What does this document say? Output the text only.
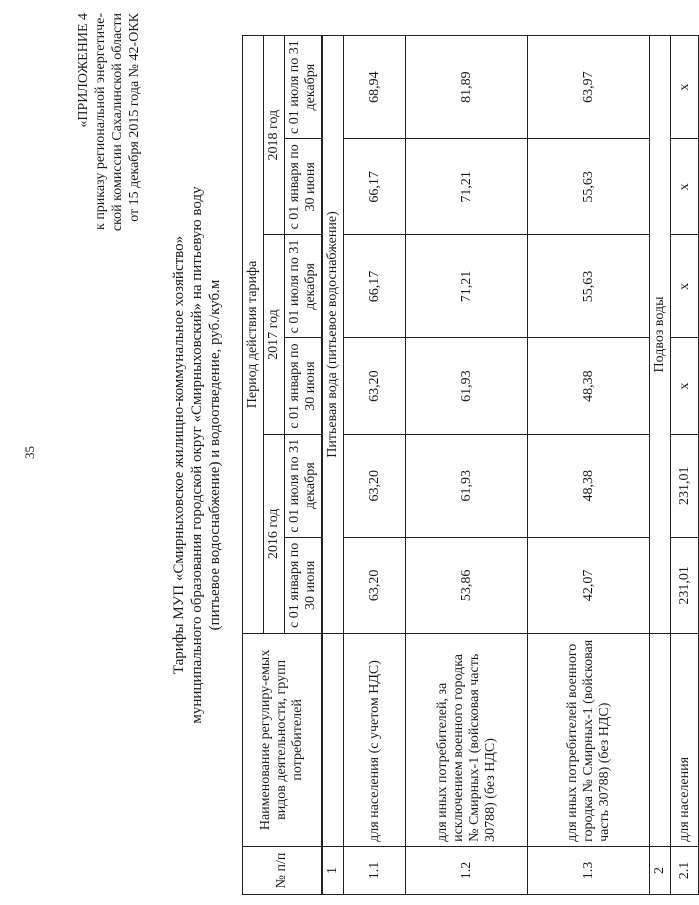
35
«ПРИЛОЖЕНИЕ 4 к приказу региональной энергетиче- ской комиссии Сахалинской области от 15 декабря 2015 года № 42-ОКК
Тарифы МУП «Смирныховское жилищно-коммунальное хозяйство» муниципального образования городской округ «Смирныховский» на питьевую воду (питьевое водоснабжение) и водоотведение, руб./куб.м
№ п/п	Наименование регулиру-емых видов деятельности, групп потребителей	Период действия тарифа					
		2016 год		2017 год		2018 год	
		с 01 января по 30 июня	с 01 июля по 31 декабря	с 01 января по 30 июня	с 01 июля по 31 декабря	с 01 января по 30 июня	с 01 июля по 31 декабря
1		Питьевая вода (питьевое водоснабжение)					
1.1	для населения (с учетом НДС)	63,20	63,20	63,20	66,17	66,17	68,94
1.2	для иных потребителей, за исключением военного городка № Смирных-1 (войсковая часть 30788) (без НДС)	53,86	61,93	61,93	71,21	71,21	81,89
1.3	для иных потребителей военного городка № Смирных-1 (войсковая часть 30788) (без НДС)	42,07	48,38	48,38	55,63	55,63	63,97
2		Подвоз воды					
2.1	для населения	231,01	231,01	x	x	x	x
